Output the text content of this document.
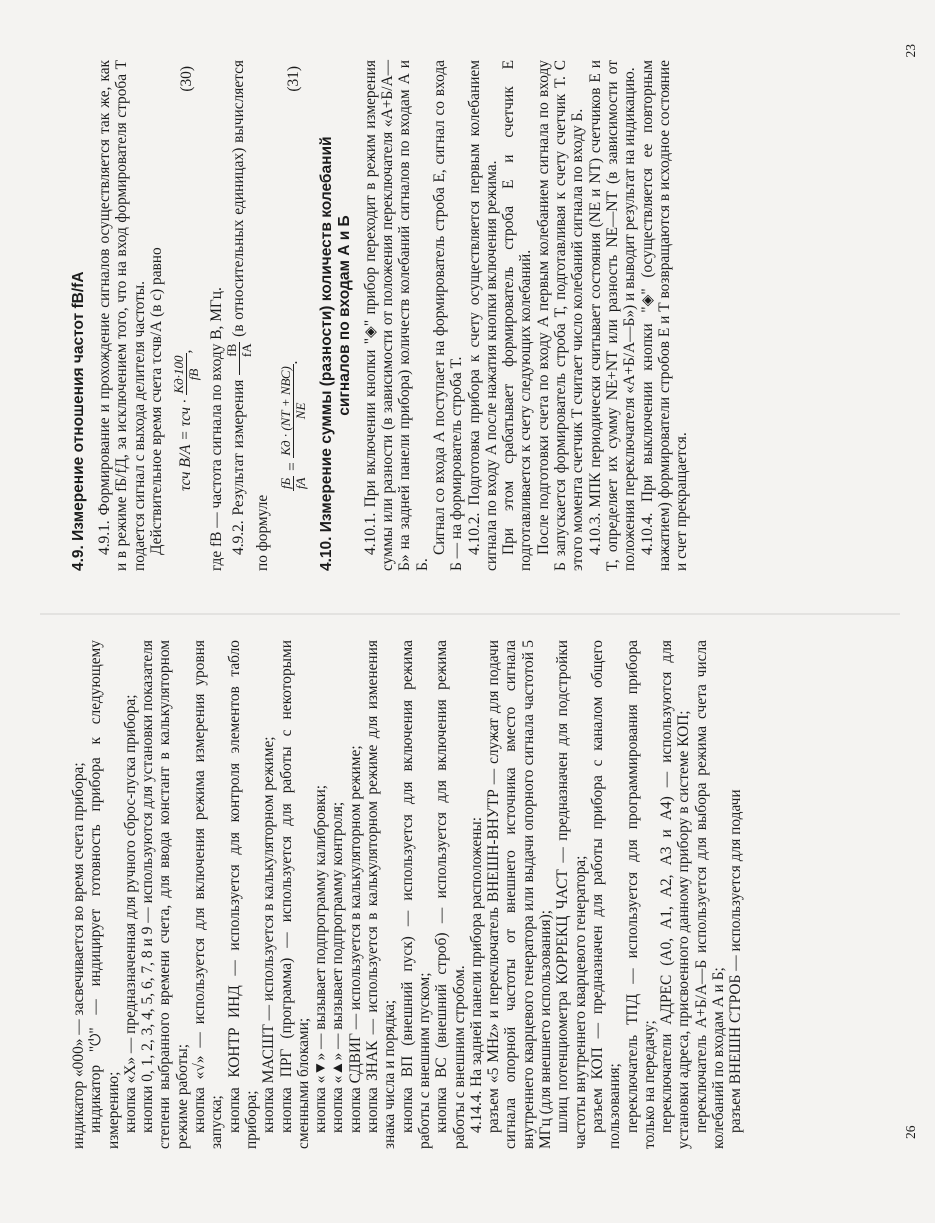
индикатор «000» — засвечивается во время счета прибора; индикатор "⏻" — индицирует готовность прибора к следующему измерению; кнопка «X» — предназначенная для ручного сброс-пуска прибора; кнопки 0, 1, 2, 3, 4, 5, 6, 7, 8 и 9 — используются для установки показателя степени выбранного времени счета, для ввода констант в калькуляторном режиме работы; кнопка «√» — используется для включения режима измерения уровня запуска; кнопка КОНТР ИНД — используется для контроля элементов табло прибора; кнопка МАСШТ — используется в калькуляторном режиме; кнопка ПРГ (программа) — используется для работы с некоторыми сменными блоками; кнопка «▼» — вызывает подпрограмму калибровки; кнопка «▲» — вызывает подпрограмму контроля; кнопка СДВИГ — используется в калькуляторном режиме; кнопка ЗНАК — используется в калькуляторном режиме для изменения знака числа и порядка; кнопка ВП (внешний пуск) — используется для включения режима работы с внешним пуском; кнопка ВС (внешний строб) — используется для включения режима работы с внешним стробом. 4.14.4. На задней панели прибора расположены: разъем «5 MHz» и переключатель ВНЕШН-ВНУТР — служат для подачи сигнала опорной частоты от внешнего источника вместо сигнала внутреннего кварцевого генератора или выдачи опорного сигнала частотой 5 МГц (для внешнего использования); шлиц потенциометра КОРРЕКЦ ЧАСТ — предназначен для подстройки частоты внутреннего кварцевого генератора; разъем КОП — предназначен для работы прибора с каналом общего пользования; переключатель ТПД — используется для программирования прибора только на передачу; переключатели АДРЕС (А0, А1, А2, А3 и А4) — используются для установки адреса, присвоенного данному прибору в системе КОП; переключатель А+Б/А—Б используется для выбора режима счета числа колебаний по входам А и Б; разъем ВНЕШН СТРОБ — используется для подачи	26
4.9. Измерение отношения частот fB/fA 4.9.1. Формирование и прохождение сигналов осуществляется так же, как и в режиме fБ/fД, за исключением того, что на вход формирователя строба Т подается сигнал с выхода делителя частоты. Действительное время счета τсчв/А (в с) равно τсч В/А = τсч ·
Кд·100 fB
,
(30)

где fB — частота сигнала по входу В, МГц. 4.9.2. Результат измерения
fB fA
(в относительных единицах) вычисляется по формуле

fБ fА
=
Кд · (NТ + NВС) NЕ
.
(31)
4.10. Измерение суммы (разности) количеств колебаний сигналов по входам А и Б 4.10.1. При включении кнопки "◈" прибор переходит в режим измерения суммы или разности (в зависимости от положения переключателя «А+Б/А—Б» на задней панели прибора) количеств колебаний сигналов по входам А и Б.

Сигнал со входа А поступает на формирователь строба Е, сигнал со входа Б — на формирователь строба Т. 4.10.2. Подготовка прибора к счету осуществляется первым колебанием сигнала по входу А после нажатия кнопки включения режима. При этом срабатывает формирователь строба Е и счетчик Е подготавливается к счету следующих колебаний. После подготовки счета по входу А первым колебанием сигнала по входу Б запускается формирователь строба Т, подготавливая к счету счетчик Т. С этого момента счетчик Т считает число колебаний сигнала по входу Б. 4.10.3. МПК периодически считывает состояния (NЕ и NТ) счетчиков Е и Т, определяет их сумму NЕ+NТ или разность NЕ—NТ (в зависимости от положения переключателя «А+Б/А—Б») и выводит результат на индикацию. 4.10.4. При выключении кнопки "◈" (осуществляется ее повторным нажатием) формирователи стробов Е и Т возвращаются в исходное состояние и счет прекращается.

23
